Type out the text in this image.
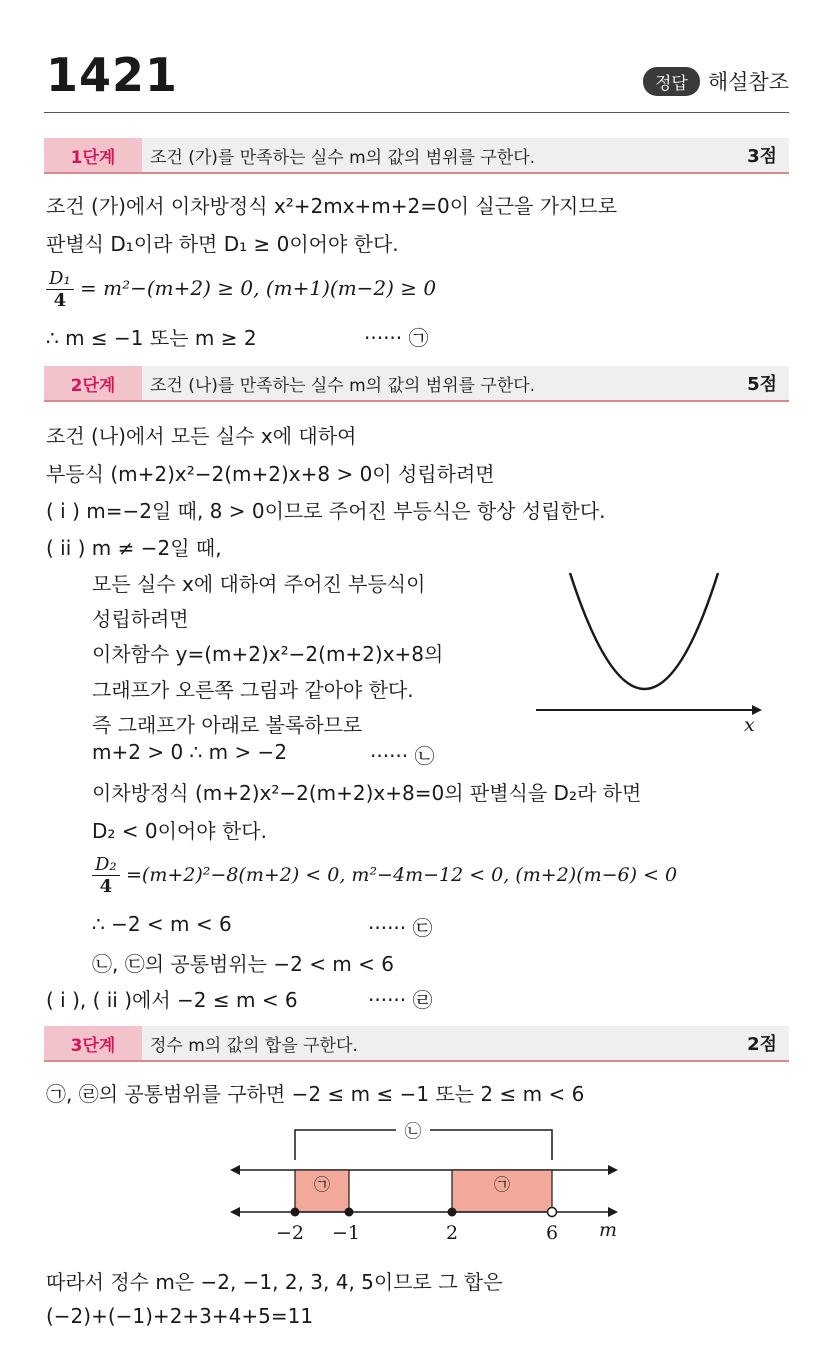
1421	정답 해설참조
1단계	조건 (가)를 만족하는 실수 m의 값의 범위를 구한다.	3점
조건 (가)에서 이차방정식 x²+2mx+m+2=0이 실근을 가지므로
판별식 D₁이라 하면 D₁ ≥ 0이어야 한다.
$\frac{\text{D₁}}{4} = m^2-(m+2) \ge 0$, (m+1)(m−2) ≥ 0
∴ m ≤ −1 또는 m ≥ 2	······ ㉠
2단계	조건 (나)를 만족하는 실수 m의 값의 범위를 구한다.	5점
조건 (나)에서 모든 실수 x에 대하여
부등식 (m+2)x²−2(m+2)x+8 > 0이 성립하려면
( i ) m=−2일 때, 8 > 0이므로 주어진 부등식은 항상 성립한다.
( ii ) m ≠ −2일 때,
모든 실수 x에 대하여 주어진 부등식이
성립하려면
이차함수 y=(m+2)x²−2(m+2)x+8의
그래프가 오른쪽 그림과 같아야 한다.
즉 그래프가 아래로 볼록하므로
m+2 > 0 ∴ m > −2	······ ㉡
이차방정식 (m+2)x²−2(m+2)x+8=0의 판별식을 D₂라 하면
D₂ < 0이어야 한다.
$\frac{\text{D₂}}{4} =(m+2)^2-8(m+2) < 0$, m²−4m−12 < 0, (m+2)(m−6) < 0
∴ −2 < m < 6	······ ㉢
㉡, ㉢의 공통범위는 −2 < m < 6
( i ), ( ii )에서 −2 ≤ m < 6	······ ㉣
x
3단계	정수 m의 값의 합을 구한다.	2점
㉠, ㉣의 공통범위를 구하면 −2 ≤ m ≤ −1 또는 2 ≤ m < 6
㉡
㉠	㉠
−2 −1	2	6 m
따라서 정수 m은 −2, −1, 2, 3, 4, 5이므로 그 합은
(−2)+(−1)+2+3+4+5=11
